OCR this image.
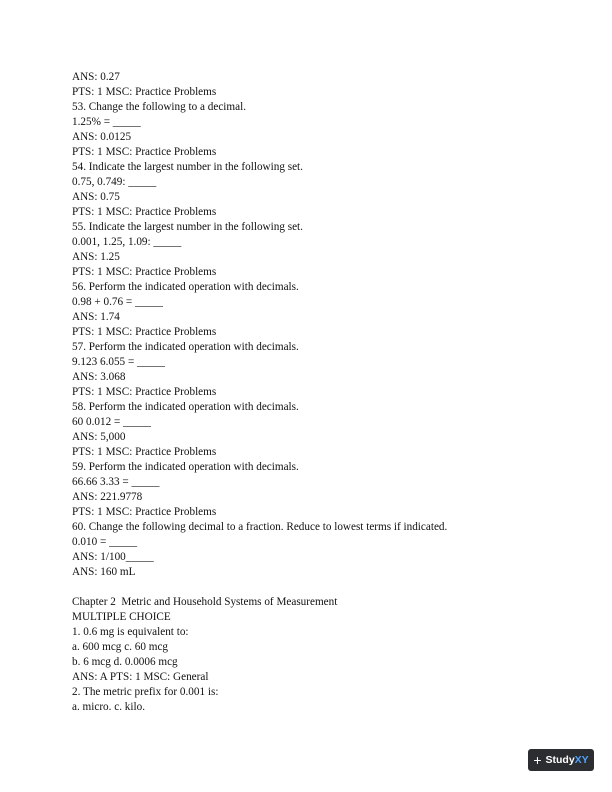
ANS: 0.27
PTS: 1 MSC: Practice Problems
53. Change the following to a decimal.
1.25% = _____
ANS: 0.0125
PTS: 1 MSC: Practice Problems
54. Indicate the largest number in the following set.
0.75, 0.749: _____
ANS: 0.75
PTS: 1 MSC: Practice Problems
55. Indicate the largest number in the following set.
0.001, 1.25, 1.09: _____
ANS: 1.25
PTS: 1 MSC: Practice Problems
56. Perform the indicated operation with decimals.
0.98 + 0.76 = _____
ANS: 1.74
PTS: 1 MSC: Practice Problems
57. Perform the indicated operation with decimals.
9.123 6.055 = _____
ANS: 3.068
PTS: 1 MSC: Practice Problems
58. Perform the indicated operation with decimals.
60 0.012 = _____
ANS: 5,000
PTS: 1 MSC: Practice Problems
59. Perform the indicated operation with decimals.
66.66 3.33 = _____
ANS: 221.9778
PTS: 1 MSC: Practice Problems
60. Change the following decimal to a fraction. Reduce to lowest terms if indicated.
0.010 = _____
ANS: 1/100_____
ANS: 160 mL
Chapter 2  Metric and Household Systems of Measurement
MULTIPLE CHOICE
1. 0.6 mg is equivalent to:
a. 600 mcg c. 60 mcg
b. 6 mcg d. 0.0006 mcg
ANS: A PTS: 1 MSC: General
2. The metric prefix for 0.001 is:
a. micro. c. kilo.
+ StudyXY
